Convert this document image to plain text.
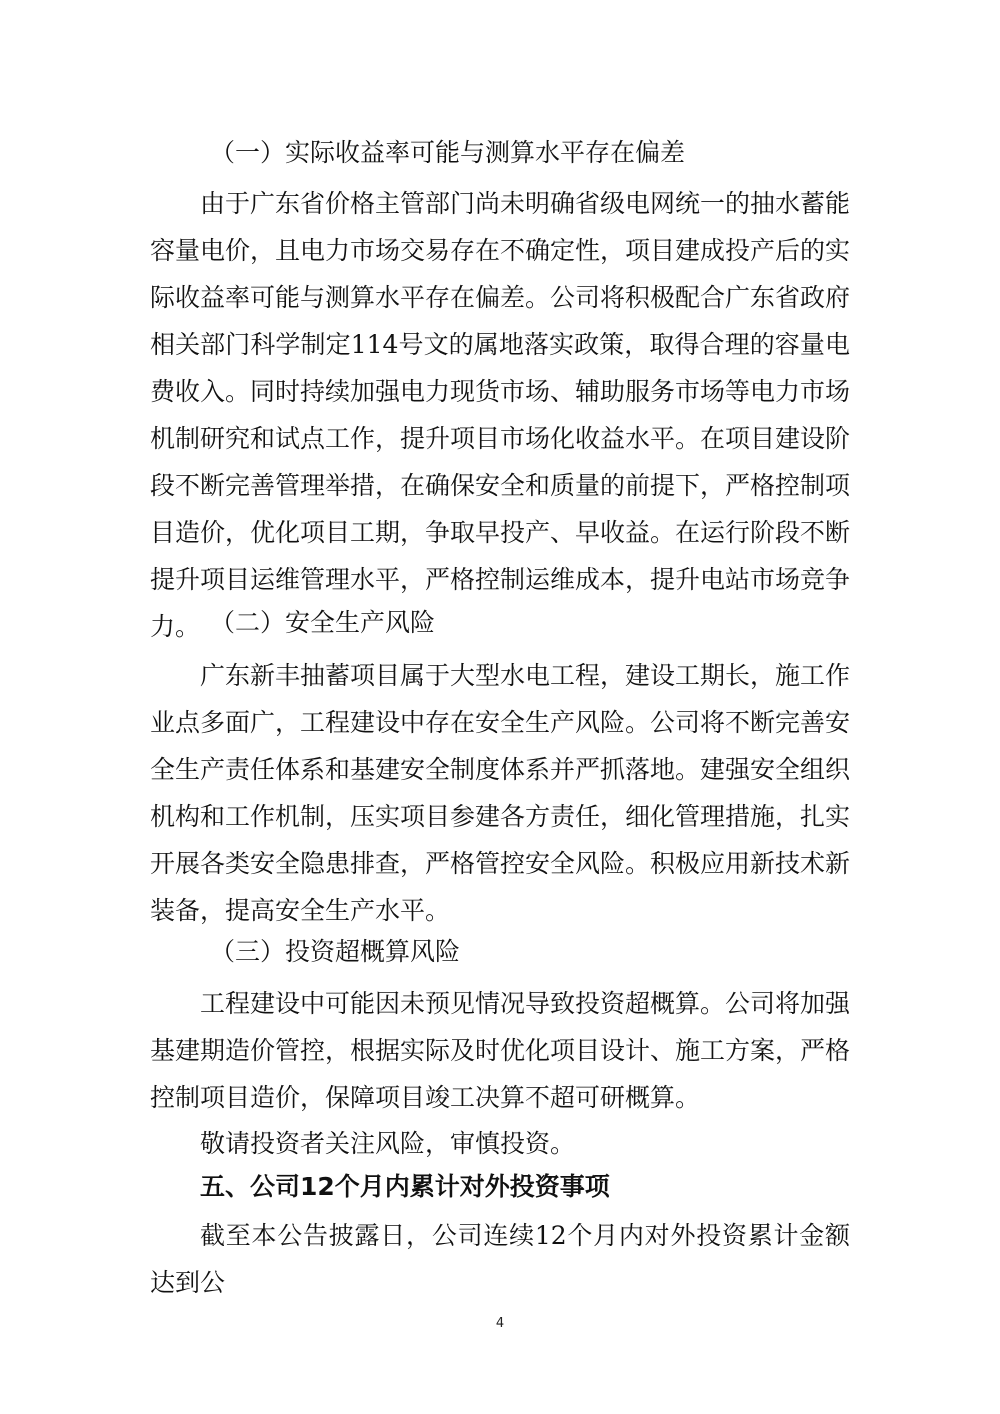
（一）实际收益率可能与测算水平存在偏差

由于广东省价格主管部门尚未明确省级电网统一的抽水蓄能容量电价，且电力市场交易存在不确定性，项目建成投产后的实际收益率可能与测算水平存在偏差。公司将积极配合广东省政府相关部门科学制定114号文的属地落实政策，取得合理的容量电费收入。同时持续加强电力现货市场、辅助服务市场等电力市场机制研究和试点工作，提升项目市场化收益水平。在项目建设阶段不断完善管理举措，在确保安全和质量的前提下，严格控制项目造价，优化项目工期，争取早投产、早收益。在运行阶段不断提升项目运维管理水平，严格控制运维成本，提升电站市场竞争力。 （二）安全生产风险

广东新丰抽蓄项目属于大型水电工程，建设工期长，施工作业点多面广，工程建设中存在安全生产风险。公司将不断完善安全生产责任体系和基建安全制度体系并严抓落地。建强安全组织机构和工作机制，压实项目参建各方责任，细化管理措施，扎实开展各类安全隐患排查，严格管控安全风险。积极应用新技术新装备，提高安全生产水平。

（三）投资超概算风险

工程建设中可能因未预见情况导致投资超概算。公司将加强基建期造价管控，根据实际及时优化项目设计、施工方案，严格控制项目造价，保障项目竣工决算不超可研概算。

敬请投资者关注风险，审慎投资。

五、公司12个月内累计对外投资事项

截至本公告披露日，公司连续12个月内对外投资累计金额达到公

4
